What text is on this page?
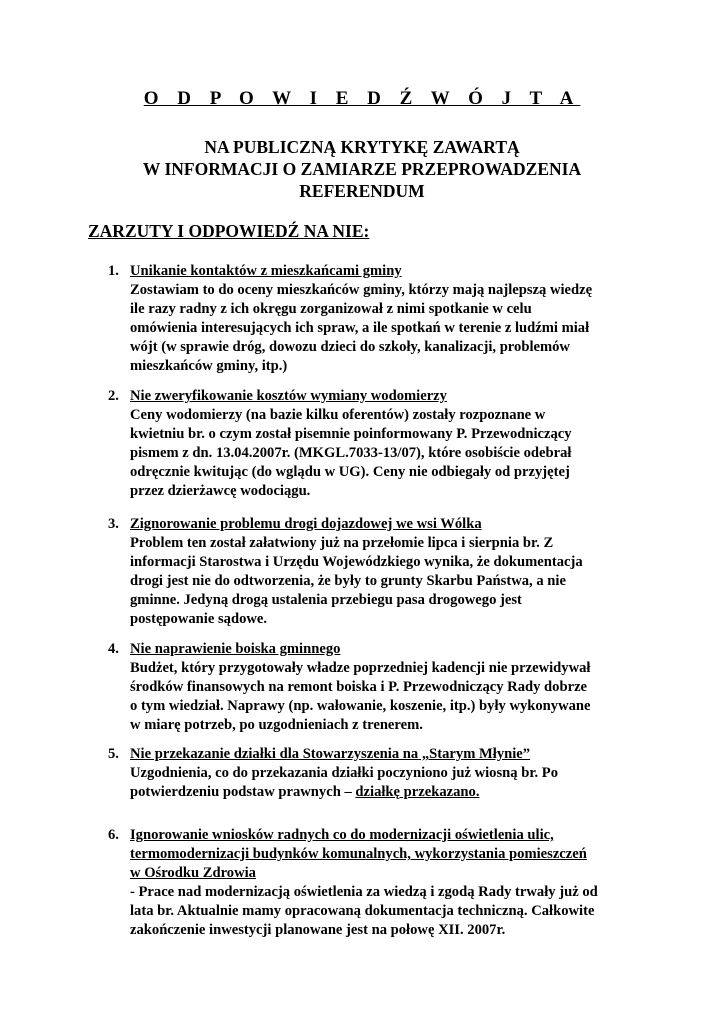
O D P O W I E D Ź W Ó J T A
NA PUBLICZNĄ KRYTYKĘ ZAWARTĄ
W INFORMACJI O ZAMIARZE PRZEPROWADZENIA
REFERENDUM
ZARZUTY I ODPOWIEDŹ NA NIE:
1. Unikanie kontaktów z mieszkańcami gminy
Zostawiam to do oceny mieszkańców gminy, którzy mają najlepszą wiedzę
ile razy radny z ich okręgu zorganizował z nimi spotkanie w celu
omówienia interesujących ich spraw, a ile spotkań w terenie z ludźmi miał
wójt (w sprawie dróg, dowozu dzieci do szkoły, kanalizacji, problemów
mieszkańców gminy, itp.)
2. Nie zweryfikowanie kosztów wymiany wodomierzy
Ceny wodomierzy (na bazie kilku oferentów) zostały rozpoznane w
kwietniu br. o czym został pisemnie poinformowany P. Przewodniczący
pismem z dn. 13.04.2007r. (MKGL.7033-13/07), które osobiście odebrał
odręcznie kwitując (do wglądu w UG). Ceny nie odbiegały od przyjętej
przez dzierżawcę wodociągu.
3. Zignorowanie problemu drogi dojazdowej we wsi Wólka
Problem ten został załatwiony już na przełomie lipca i sierpnia br. Z
informacji Starostwa i Urzędu Wojewódzkiego wynika, że dokumentacja
drogi jest nie do odtworzenia, że były to grunty Skarbu Państwa, a nie
gminne. Jedyną drogą ustalenia przebiegu pasa drogowego jest
postępowanie sądowe.
4. Nie naprawienie boiska gminnego
Budżet, który przygotowały władze poprzedniej kadencji nie przewidywał
środków finansowych na remont boiska i P. Przewodniczący Rady dobrze
o tym wiedział. Naprawy (np. wałowanie, koszenie, itp.) były wykonywane
w miarę potrzeb, po uzgodnieniach z trenerem.
5. Nie przekazanie działki dla Stowarzyszenia na „Starym Młynie”
Uzgodnienia, co do przekazania działki poczyniono już wiosną br. Po
potwierdzeniu podstaw prawnych – działkę przekazano.
6. Ignorowanie wniosków radnych co do modernizacji oświetlenia ulic,
termomodernizacji budynków komunalnych, wykorzystania pomieszczeń
w Ośrodku Zdrowia
- Prace nad modernizacją oświetlenia za wiedzą i zgodą Rady trwały już od
lata br. Aktualnie mamy opracowaną dokumentacja techniczną. Całkowite
zakończenie inwestycji planowane jest na połowę XII. 2007r.
